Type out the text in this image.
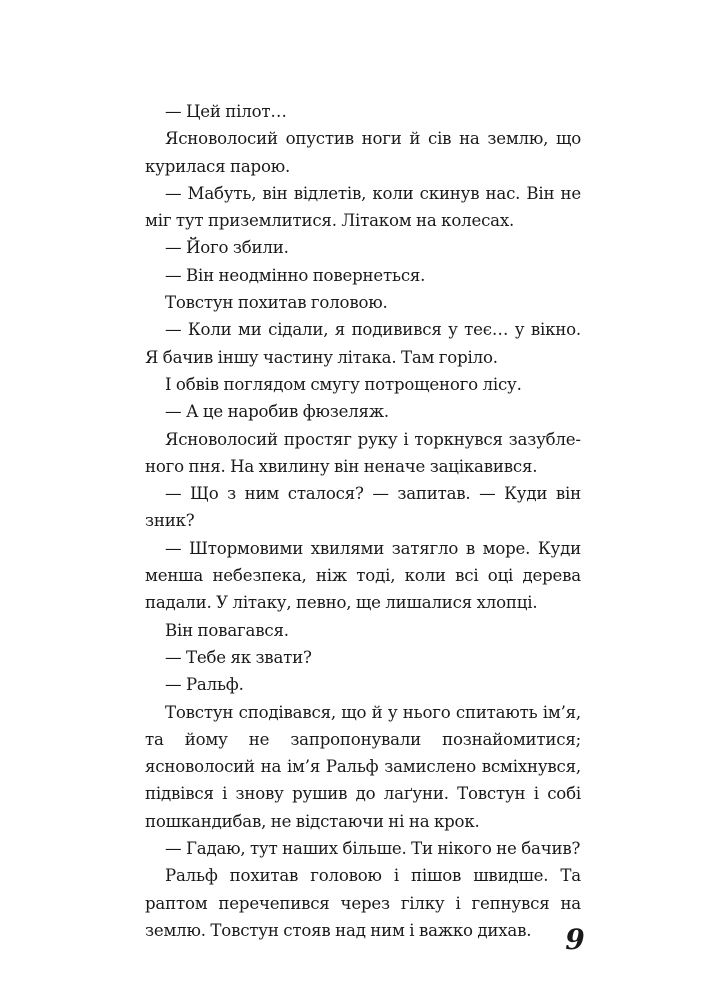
— Цей пілот…

Ясноволосий опустив ноги й сів на землю, що курилася парою.

— Мабуть, він відлетів, коли скинув нас. Він не міг тут приземлитися. Літаком на колесах.

— Його збили.

— Він неодмінно повернеться.

Товстун похитав головою.

— Коли ми сідали, я подивився у теє… у вікно. Я бачив іншу частину літака. Там горіло.

І обвів поглядом смугу потрощеного лісу.

— А це наробив фюзеляж.

Ясноволосий простяг руку і торкнувся зазубленого пня. На хвилину він неначе зацікавився.

— Що з ним сталося? — запитав. — Куди він зник?

— Штормовими хвилями затягло в море. Куди менша небезпека, ніж тоді, коли всі оці дерева падали. У літаку, певно, ще лишалися хлопці.

Він повагався.

— Тебе як звати?

— Ральф.

Товстун сподівався, що й у нього спитають ім’я, та йому не запропонували познайомитися; ясноволосий на ім’я Ральф замислено всміхнувся, підвівся і знову рушив до лаґуни. Товстун і собі пошкандибав, не відстаючи ні на крок.

— Гадаю, тут наших більше. Ти нікого не бачив?

Ральф похитав головою і пішов швидше. Та раптом перечепився через гілку і гепнувся на землю. Товстун стояв над ним і важко дихав.	9
